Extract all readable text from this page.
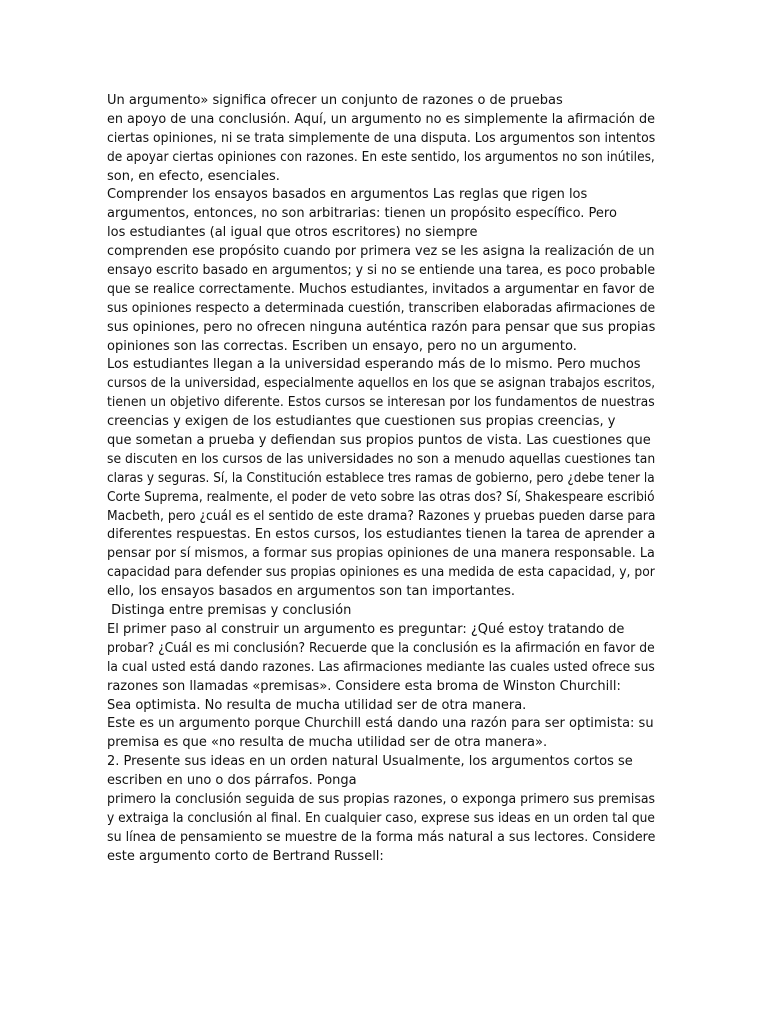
Un argumento» significa ofrecer un conjunto de razones o de pruebas
en apoyo de una conclusión. Aquí, un argumento no es simplemente la afirmación de
ciertas opiniones, ni se trata simplemente de una disputa. Los argumentos son intentos
de apoyar ciertas opiniones con razones. En este sentido, los argumentos no son inútiles,
son, en efecto, esenciales.
Comprender los ensayos basados en argumentos Las reglas que rigen los
argumentos, entonces, no son arbitrarias: tienen un propósito específico. Pero
los estudiantes (al igual que otros escritores) no siempre
comprenden ese propósito cuando por primera vez se les asigna la realización de un
ensayo escrito basado en argumentos; y si no se entiende una tarea, es poco probable
que se realice correctamente. Muchos estudiantes, invitados a argumentar en favor de
sus opiniones respecto a determinada cuestión, transcriben elaboradas afirmaciones de
sus opiniones, pero no ofrecen ninguna auténtica razón para pensar que sus propias
opiniones son las correctas. Escriben un ensayo, pero no un argumento.
Los estudiantes llegan a la universidad esperando más de lo mismo. Pero muchos
cursos de la universidad, especialmente aquellos en los que se asignan trabajos escritos,
tienen un objetivo diferente. Estos cursos se interesan por los fundamentos de nuestras
creencias y exigen de los estudiantes que cuestionen sus propias creencias, y
que sometan a prueba y defiendan sus propios puntos de vista. Las cuestiones que
se discuten en los cursos de las universidades no son a menudo aquellas cuestiones tan
claras y seguras. Sí, la Constitución establece tres ramas de gobierno, pero ¿debe tener la
Corte Suprema, realmente, el poder de veto sobre las otras dos? Sí, Shakespeare escribió
Macbeth, pero ¿cuál es el sentido de este drama? Razones y pruebas pueden darse para
diferentes respuestas. En estos cursos, los estudiantes tienen la tarea de aprender a
pensar por sí mismos, a formar sus propias opiniones de una manera responsable. La
capacidad para defender sus propias opiniones es una medida de esta capacidad, y, por
ello, los ensayos basados en argumentos son tan importantes.
Distinga entre premisas y conclusión
El primer paso al construir un argumento es preguntar: ¿Qué estoy tratando de
probar? ¿Cuál es mi conclusión? Recuerde que la conclusión es la afirmación en favor de
la cual usted está dando razones. Las afirmaciones mediante las cuales usted ofrece sus
razones son llamadas «premisas». Considere esta broma de Winston Churchill:
Sea optimista. No resulta de mucha utilidad ser de otra manera.
Este es un argumento porque Churchill está dando una razón para ser optimista: su
premisa es que «no resulta de mucha utilidad ser de otra manera».
2. Presente sus ideas en un orden natural Usualmente, los argumentos cortos se
escriben en uno o dos párrafos. Ponga
primero la conclusión seguida de sus propias razones, o exponga primero sus premisas
y extraiga la conclusión al final. En cualquier caso, exprese sus ideas en un orden tal que
su línea de pensamiento se muestre de la forma más natural a sus lectores. Considere
este argumento corto de Bertrand Russell:
